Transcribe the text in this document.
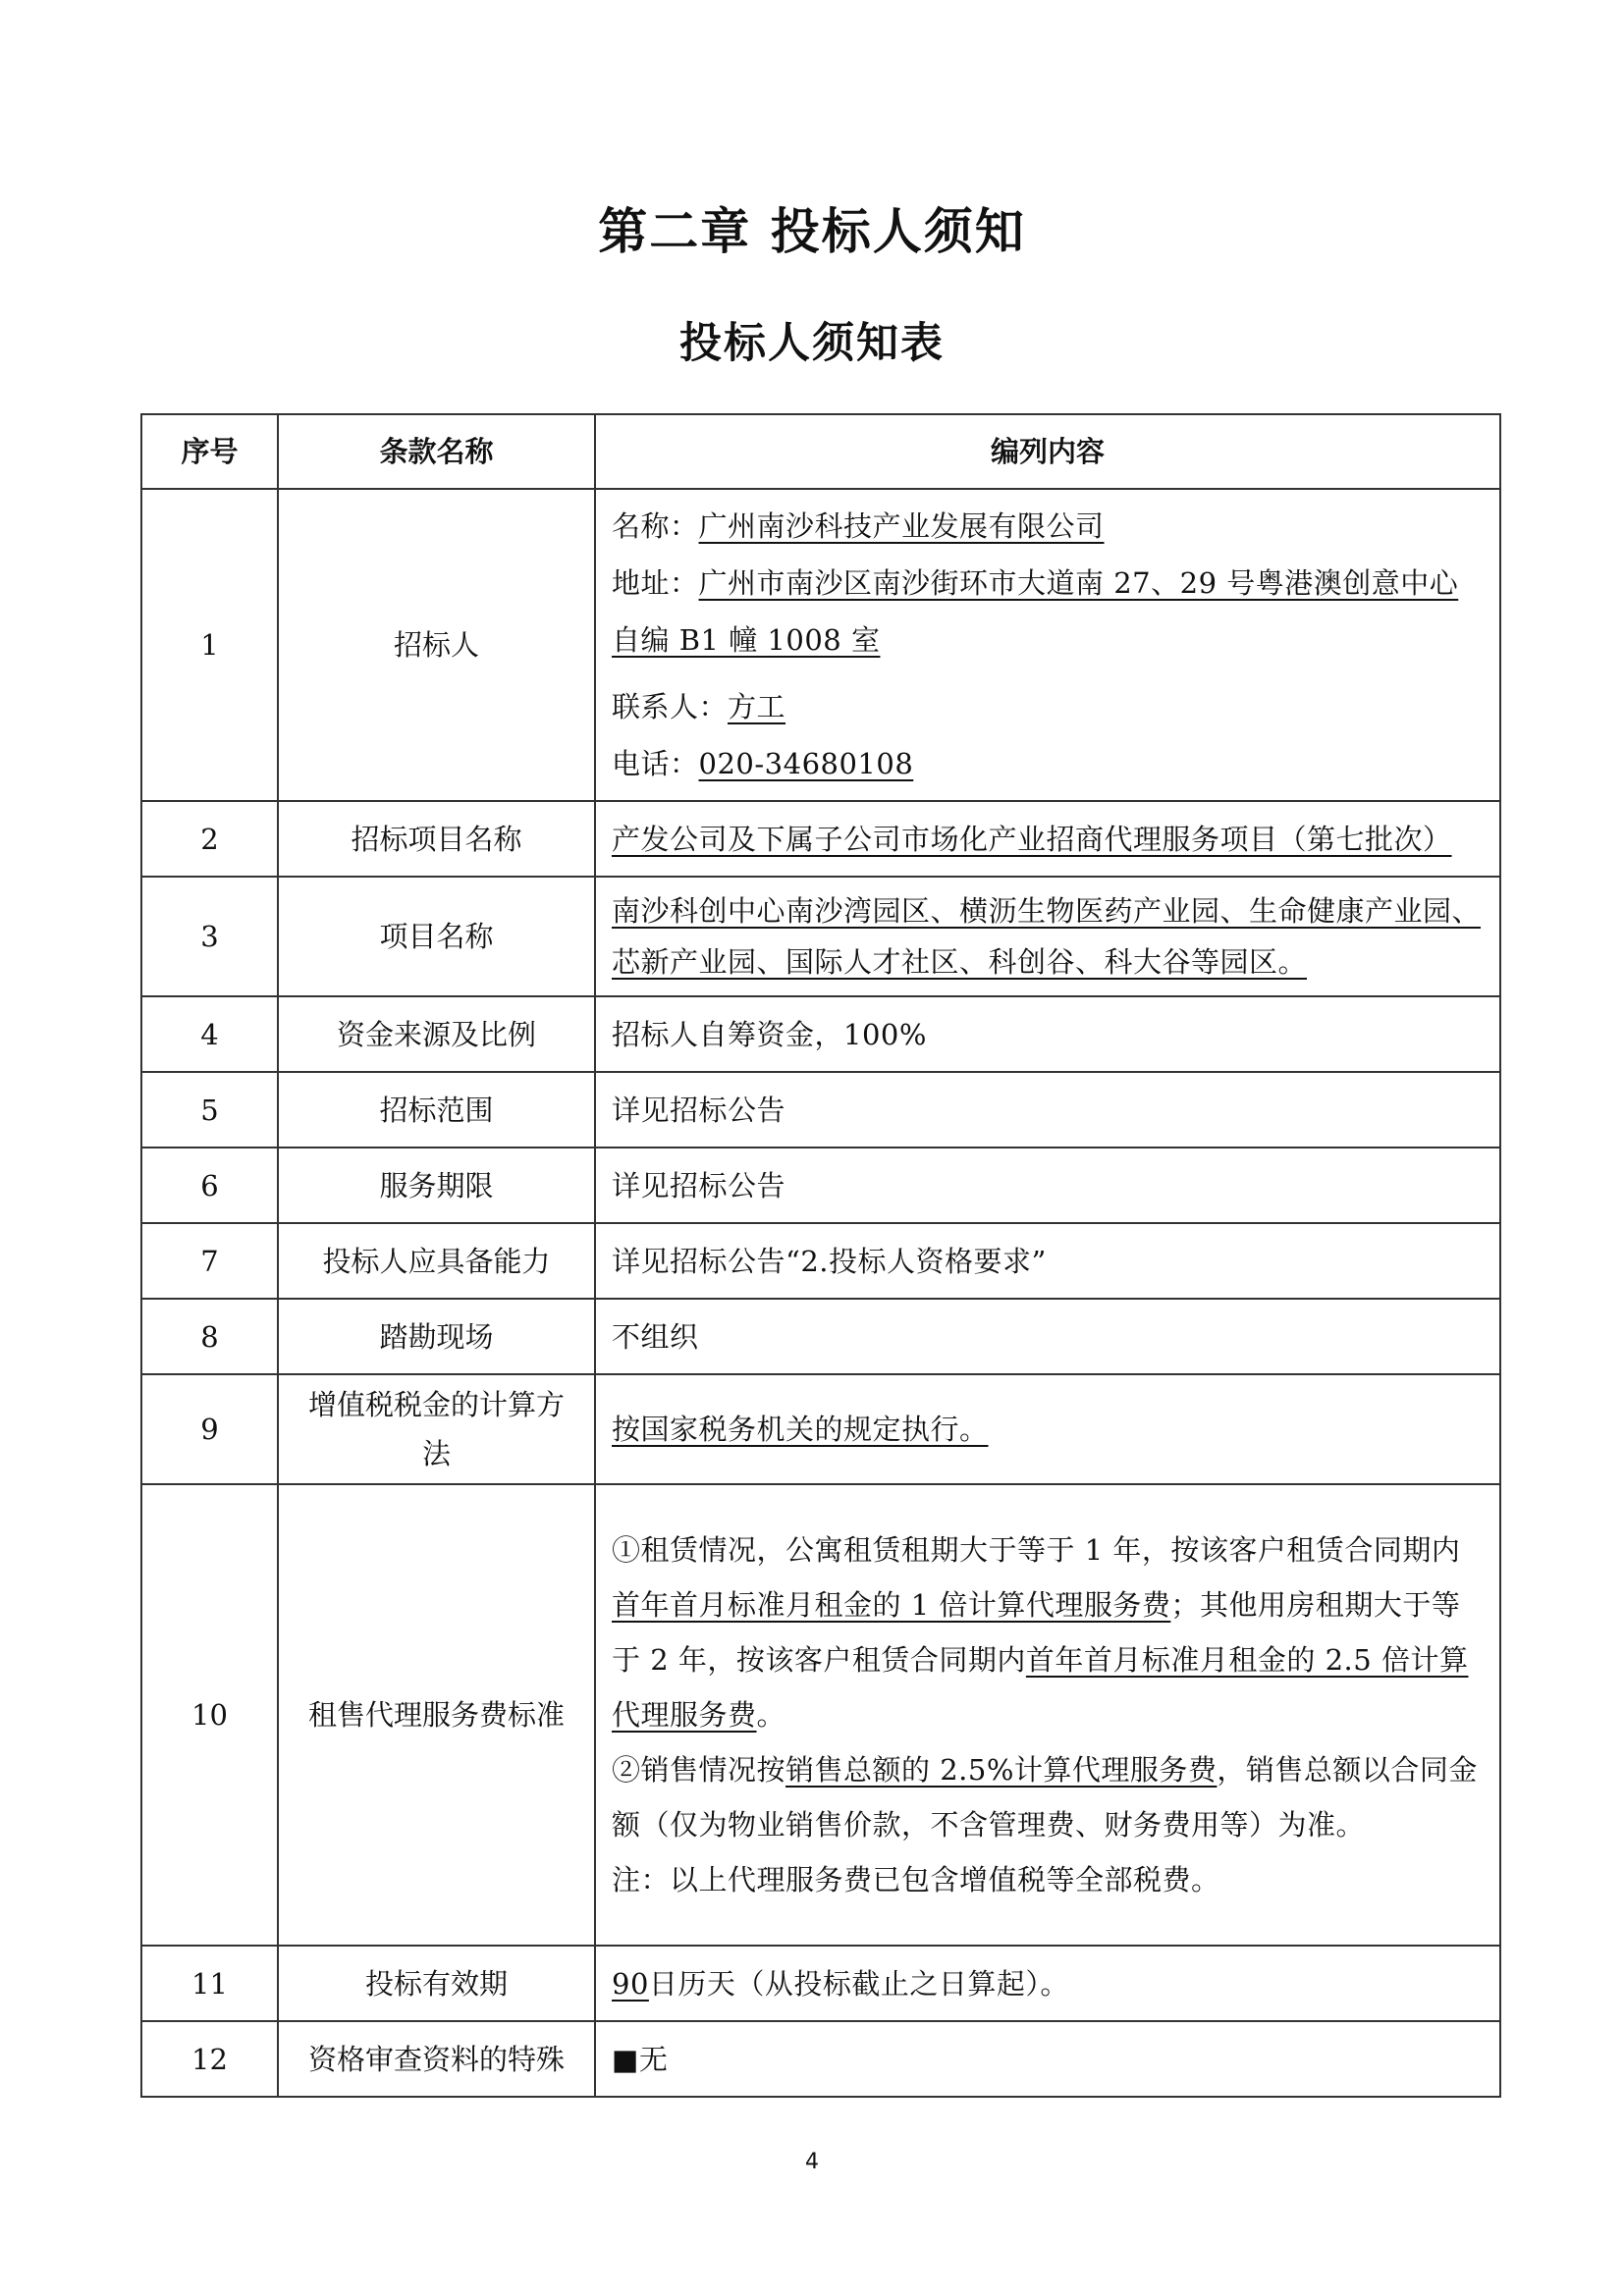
第二章 投标人须知
投标人须知表
序号	条款名称	编列内容
1	招标人	名称：广州南沙科技产业发展有限公司
地址：广州市南沙区南沙街环市大道南 27、29 号粤港澳创意中心自编 B1 幢 1008 室
联系人：方工
电话：020-34680108

2	招标项目名称	产发公司及下属子公司市场化产业招商代理服务项目（第七批次）
3	项目名称	南沙科创中心南沙湾园区、横沥生物医药产业园、生命健康产业园、芯新产业园、国际人才社区、科创谷、科大谷等园区。
4	资金来源及比例	招标人自筹资金，100%
5	招标范围	详见招标公告
6	服务期限	详见招标公告
7	投标人应具备能力	详见招标公告“2.投标人资格要求”
8	踏勘现场	不组织
9	增值税税金的计算方法	按国家税务机关的规定执行。
10	租售代理服务费标准	①租赁情况，公寓租赁租期大于等于 1 年，按该客户租赁合同期内首年首月标准月租金的 1 倍计算代理服务费；其他用房租期大于等于 2 年，按该客户租赁合同期内首年首月标准月租金的 2.5 倍计算代理服务费。
②销售情况按销售总额的 2.5%计算代理服务费，销售总额以合同金额（仅为物业销售价款，不含管理费、财务费用等）为准。
注：以上代理服务费已包含增值税等全部税费。

11	投标有效期	90日历天（从投标截止之日算起）。
12	资格审查资料的特殊	■无
4
